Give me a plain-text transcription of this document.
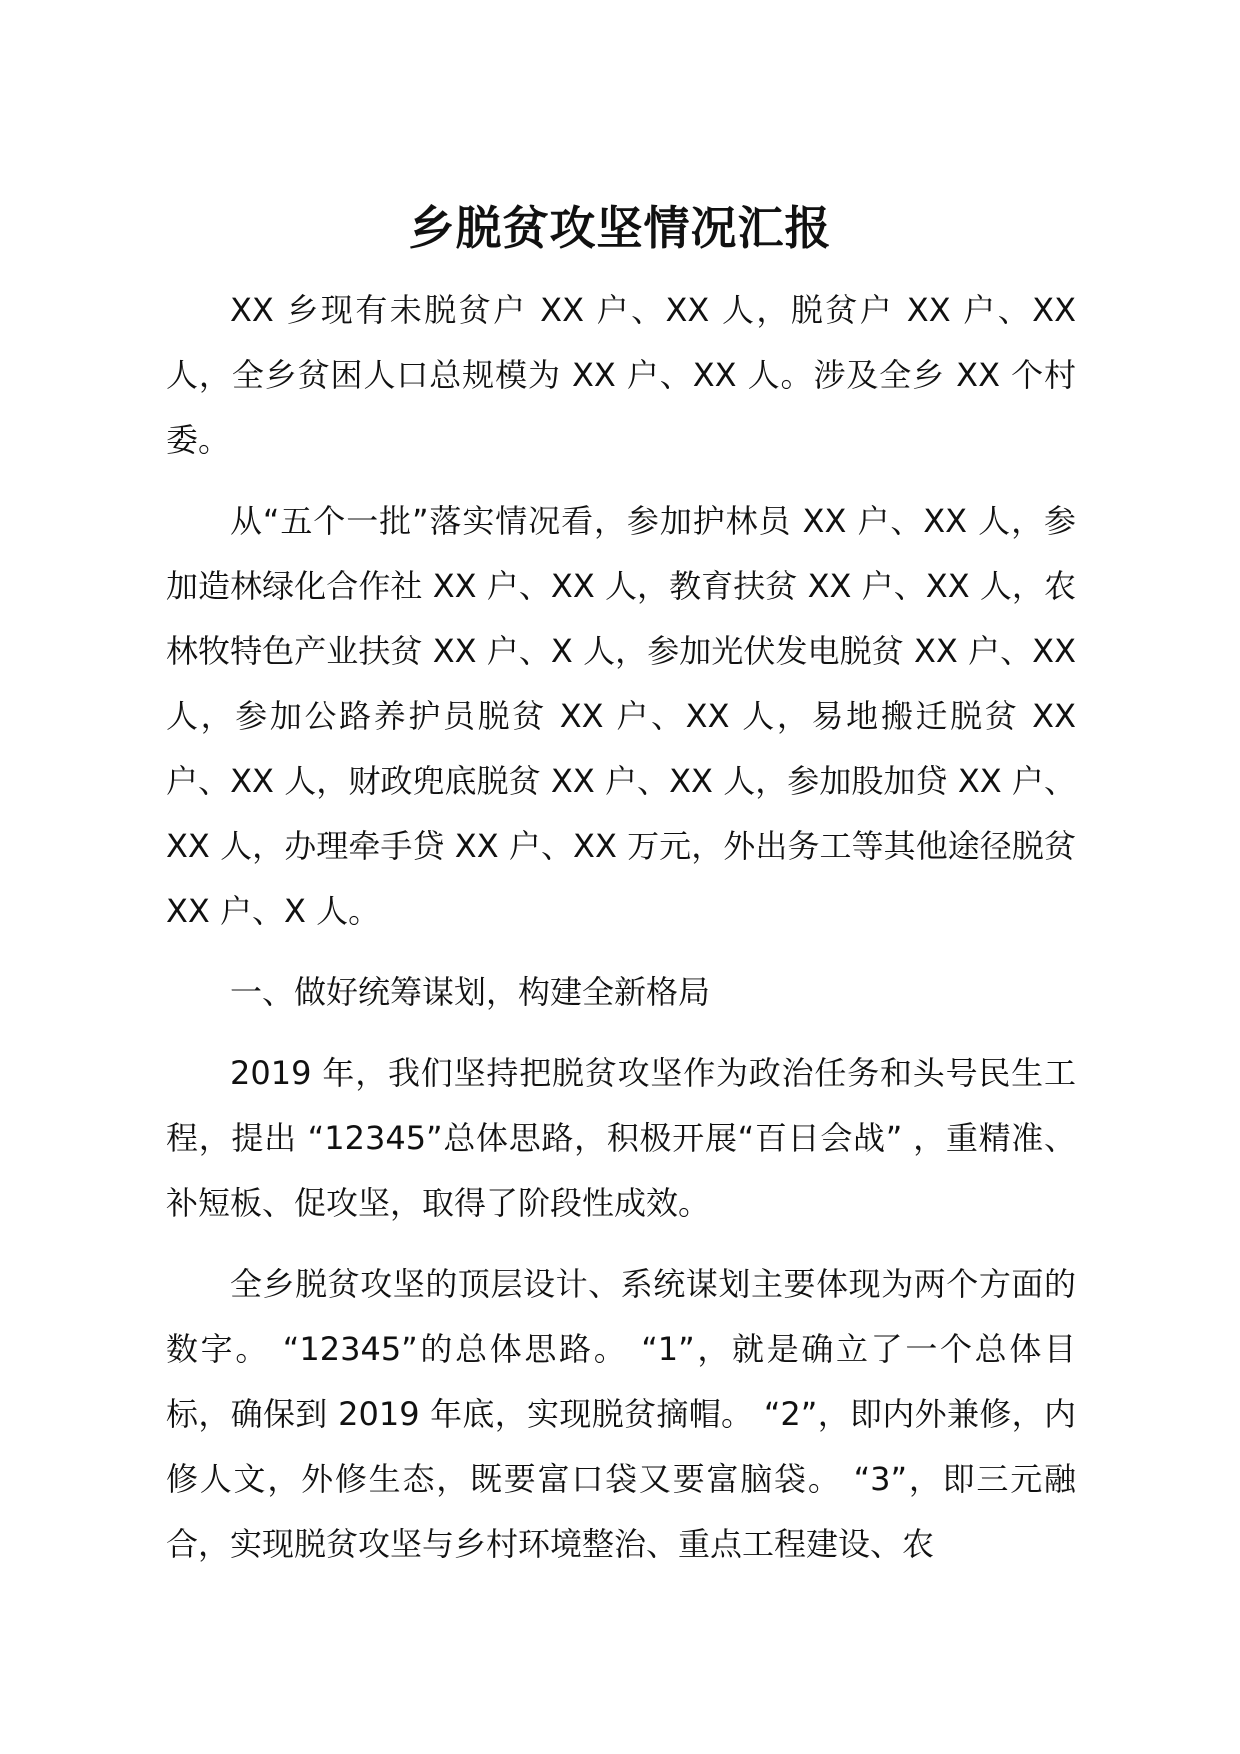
乡脱贫攻坚情况汇报

XX 乡现有未脱贫户 XX 户、XX 人，脱贫户 XX 户、XX 人，全乡贫困人口总规模为 XX 户、XX 人。涉及全乡 XX 个村委。

从“五个一批”落实情况看，参加护林员 XX 户、XX 人，参加造林绿化合作社 XX 户、XX 人，教育扶贫 XX 户、XX 人，农林牧特色产业扶贫 XX 户、X 人，参加光伏发电脱贫 XX 户、XX 人，参加公路养护员脱贫 XX 户、XX 人，易地搬迁脱贫 XX 户、XX 人，财政兜底脱贫 XX 户、XX 人，参加股加贷 XX 户、XX 人，办理牵手贷 XX 户、XX 万元，外出务工等其他途径脱贫 XX 户、X 人。

一、做好统筹谋划，构建全新格局

2019 年，我们坚持把脱贫攻坚作为政治任务和头号民生工程，提出 “12345”总体思路，积极开展“百日会战” ，重精准、补短板、促攻坚，取得了阶段性成效。

全乡脱贫攻坚的顶层设计、系统谋划主要体现为两个方面的数字。 “12345”的总体思路。 “1”，就是确立了一个总体目标，确保到 2019 年底，实现脱贫摘帽。 “2”，即内外兼修，内修人文，外修生态，既要富口袋又要富脑袋。 “3”，即三元融合，实现脱贫攻坚与乡村环境整治、重点工程建设、农
